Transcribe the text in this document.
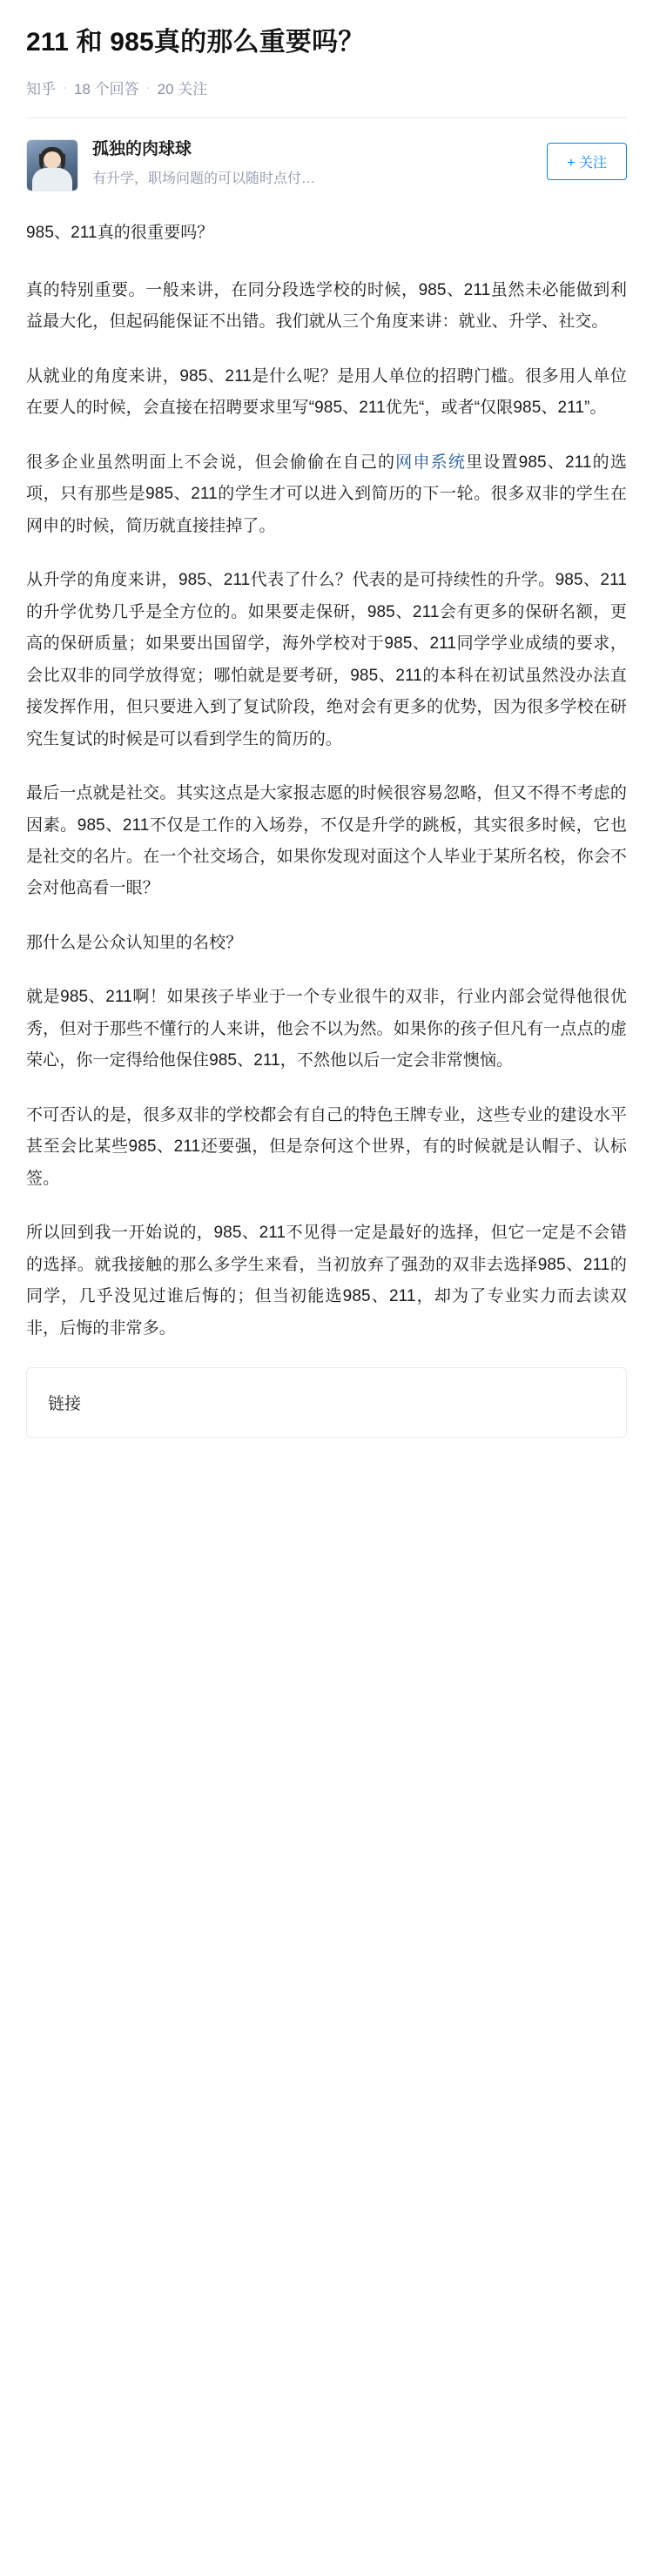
211 和 985真的那么重要吗？
知乎 · 18 个回答 · 20 关注
孤独的肉球球
有升学，职场问题的可以随时点付…
+ 关注

985、211真的很重要吗？

真的特别重要。一般来讲，在同分段选学校的时候，985、211虽然未必能做到利益最大化，但起码能保证不出错。我们就从三个角度来讲：就业、升学、社交。

从就业的角度来讲，985、211是什么呢？是用人单位的招聘门槛。很多用人单位在要人的时候，会直接在招聘要求里写“985、211优先“，或者“仅限985、211”。

很多企业虽然明面上不会说，但会偷偷在自己的网申系统里设置985、211的选项，只有那些是985、211的学生才可以进入到简历的下一轮。很多双非的学生在网申的时候，简历就直接挂掉了。

从升学的角度来讲，985、211代表了什么？代表的是可持续性的升学。985、211的升学优势几乎是全方位的。如果要走保研，985、211会有更多的保研名额，更高的保研质量；如果要出国留学，海外学校对于985、211同学学业成绩的要求，会比双非的同学放得宽；哪怕就是要考研，985、211的本科在初试虽然没办法直接发挥作用，但只要进入到了复试阶段，绝对会有更多的优势，因为很多学校在研究生复试的时候是可以看到学生的简历的。

最后一点就是社交。其实这点是大家报志愿的时候很容易忽略，但又不得不考虑的因素。985、211不仅是工作的入场券，不仅是升学的跳板，其实很多时候，它也是社交的名片。在一个社交场合，如果你发现对面这个人毕业于某所名校，你会不会对他高看一眼？

那什么是公众认知里的名校？

就是985、211啊！如果孩子毕业于一个专业很牛的双非，行业内部会觉得他很优秀，但对于那些不懂行的人来讲，他会不以为然。如果你的孩子但凡有一点点的虚荣心，你一定得给他保住985、211，不然他以后一定会非常懊恼。

不可否认的是，很多双非的学校都会有自己的特色王牌专业，这些专业的建设水平甚至会比某些985、211还要强，但是奈何这个世界，有的时候就是认帽子、认标签。

所以回到我一开始说的，985、211不见得一定是最好的选择，但它一定是不会错的选择。就我接触的那么多学生来看，当初放弃了强劲的双非去选择985、211的同学，几乎没见过谁后悔的；但当初能选985、211，却为了专业实力而去读双非，后悔的非常多。

链接
